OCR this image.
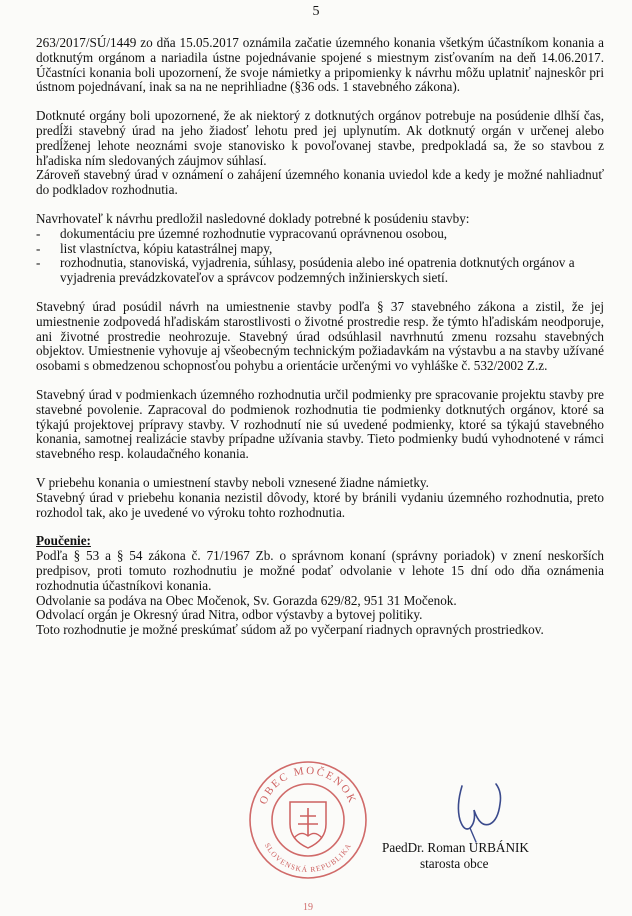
5

263/2017/SÚ/1449 zo dňa 15.05.2017 oznámila začatie územného konania všetkým účastníkom konania a dotknutým orgánom a nariadila ústne pojednávanie spojené s miestnym zisťovaním na deň 14.06.2017. Účastníci konania boli upozornení, že svoje námietky a pripomienky k návrhu môžu uplatniť najneskôr pri ústnom pojednávaní, inak sa na ne neprihliadne (§36 ods. 1 stavebného zákona).

Dotknuté orgány boli upozornené, že ak niektorý z dotknutých orgánov potrebuje na posúdenie dlhší čas, predĺži stavebný úrad na jeho žiadosť lehotu pred jej uplynutím. Ak dotknutý orgán v určenej alebo predĺženej lehote neoznámi svoje stanovisko k povoľovanej stavbe, predpokladá sa, že so stavbou z hľadiska ním sledovaných záujmov súhlasí.

Zároveň stavebný úrad v oznámení o zahájení územného konania uviedol kde a kedy je možné nahliadnuť do podkladov rozhodnutia.

Navrhovateľ k návrhu predložil nasledovné doklady potrebné k posúdeniu stavby:

- dokumentáciu pre územné rozhodnutie vypracovanú oprávnenou osobou,
- list vlastníctva, kópiu katastrálnej mapy,
- rozhodnutia, stanoviská, vyjadrenia, súhlasy, posúdenia alebo iné opatrenia dotknutých orgánov a vyjadrenia prevádzkovateľov a správcov podzemných inžinierskych sietí.

Stavebný úrad posúdil návrh na umiestnenie stavby podľa § 37 stavebného zákona a zistil, že jej umiestnenie zodpovedá hľadiskám starostlivosti o životné prostredie resp. že týmto hľadiskám neodporuje, ani životné prostredie neohrozuje. Stavebný úrad odsúhlasil navrhnutú zmenu rozsahu stavebných objektov. Umiestnenie vyhovuje aj všeobecným technickým požiadavkám na výstavbu a na stavby užívané osobami s obmedzenou schopnosťou pohybu a orientácie určenými vo vyhláške č. 532/2002 Z.z.

Stavebný úrad v podmienkach územného rozhodnutia určil podmienky pre spracovanie projektu stavby pre stavebné povolenie. Zapracoval do podmienok rozhodnutia tie podmienky dotknutých orgánov, ktoré sa týkajú projektovej prípravy stavby. V rozhodnutí nie sú uvedené podmienky, ktoré sa týkajú stavebného konania, samotnej realizácie stavby prípadne užívania stavby. Tieto podmienky budú vyhodnotené v rámci stavebného resp. kolaudačného konania.

V priebehu konania o umiestnení stavby neboli vznesené žiadne námietky.

Stavebný úrad v priebehu konania nezistil dôvody, ktoré by bránili vydaniu územného rozhodnutia, preto rozhodol tak, ako je uvedené vo výroku tohto rozhodnutia.

Poučenie:

Podľa § 53 a § 54 zákona č. 71/1967 Zb. o správnom konaní (správny poriadok) v znení neskorších predpisov, proti tomuto rozhodnutiu je možné podať odvolanie v lehote 15 dní odo dňa oznámenia rozhodnutia účastníkovi konania.

Odvolanie sa podáva na Obec Močenok, Sv. Gorazda 629/82, 951 31 Močenok.

Odvolací orgán je Okresný úrad Nitra, odbor výstavby a bytovej politiky.

Toto rozhodnutie je možné preskúmať súdom až po vyčerpaní riadnych opravných prostriedkov.

OBEC MOČENOK
SLOVENSKÁ REPUBLIKA
19
PaedDr. Roman URBÁNIK
starosta obce
